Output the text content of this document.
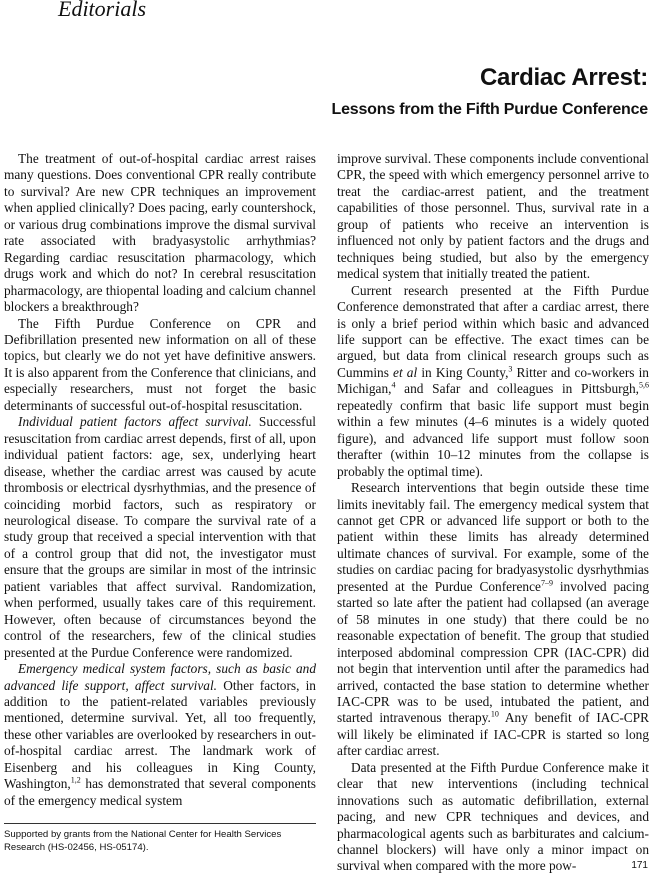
Editorials
Cardiac Arrest:
Lessons from the Fifth Purdue Conference

The treatment of out-of-hospital cardiac arrest raises many questions. Does conventional CPR really contribute to survival? Are new CPR techniques an improvement when applied clinically? Does pacing, early countershock, or various drug combinations improve the dismal survival rate associated with bradyasystolic arrhythmias? Regarding cardiac resuscitation pharmacology, which drugs work and which do not? In cerebral resuscitation pharmacology, are thiopental loading and calcium channel blockers a breakthrough?

The Fifth Purdue Conference on CPR and Defibrillation presented new information on all of these topics, but clearly we do not yet have definitive answers. It is also apparent from the Conference that clinicians, and especially researchers, must not forget the basic determinants of successful out-of-hospital resuscitation.

Individual patient factors affect survival. Successful resuscitation from cardiac arrest depends, first of all, upon individual patient factors: age, sex, underlying heart disease, whether the cardiac arrest was caused by acute thrombosis or electrical dysrhythmias, and the presence of coinciding morbid factors, such as respiratory or neurological disease. To compare the survival rate of a study group that received a special intervention with that of a control group that did not, the investigator must ensure that the groups are similar in most of the intrinsic patient variables that affect survival. Randomization, when performed, usually takes care of this requirement. However, often because of circumstances beyond the control of the researchers, few of the clinical studies presented at the Purdue Conference were randomized.

Emergency medical system factors, such as basic and advanced life support, affect survival. Other factors, in addition to the patient-related variables previously mentioned, determine survival. Yet, all too frequently, these other variables are overlooked by researchers in out-of-hospital cardiac arrest. The landmark work of Eisenberg and his colleagues in King County, Washington,$^{1,2}$ has demonstrated that several components of the emergency medical system

improve survival. These components include conventional CPR, the speed with which emergency personnel arrive to treat the cardiac-arrest patient, and the treatment capabilities of those personnel. Thus, survival rate in a group of patients who receive an intervention is influenced not only by patient factors and the drugs and techniques being studied, but also by the emergency medical system that initially treated the patient.

Current research presented at the Fifth Purdue Conference demonstrated that after a cardiac arrest, there is only a brief period within which basic and advanced life support can be effective. The exact times can be argued, but data from clinical research groups such as Cummins et al in King County,$^3$ Ritter and co-workers in Michigan,$^4$ and Safar and colleagues in Pittsburgh,$^{5,6}$ repeatedly confirm that basic life support must begin within a few minutes (4–6 minutes is a widely quoted figure), and advanced life support must follow soon therafter (within 10–12 minutes from the collapse is probably the optimal time).

Research interventions that begin outside these time limits inevitably fail. The emergency medical system that cannot get CPR or advanced life support or both to the patient within these limits has already determined ultimate chances of survival. For example, some of the studies on cardiac pacing for bradyasystolic dysrhythmias presented at the Purdue Conference$^{7-9}$ involved pacing started so late after the patient had collapsed (an average of 58 minutes in one study) that there could be no reasonable expectation of benefit. The group that studied interposed abdominal compression CPR (IAC-CPR) did not begin that intervention until after the paramedics had arrived, contacted the base station to determine whether IAC-CPR was to be used, intubated the patient, and started intravenous therapy.$^{10}$ Any benefit of IAC-CPR will likely be eliminated if IAC-CPR is started so long after cardiac arrest.

Data presented at the Fifth Purdue Conference make it clear that new interventions (including technical innovations such as automatic defibrillation, external pacing, and new CPR techniques and devices, and pharmacological agents such as barbiturates and calcium-channel blockers) will have only a minor impact on survival when compared with the more pow-

Supported by grants from the National Center for Health Services Research (HS-02456, HS-05174).

171
